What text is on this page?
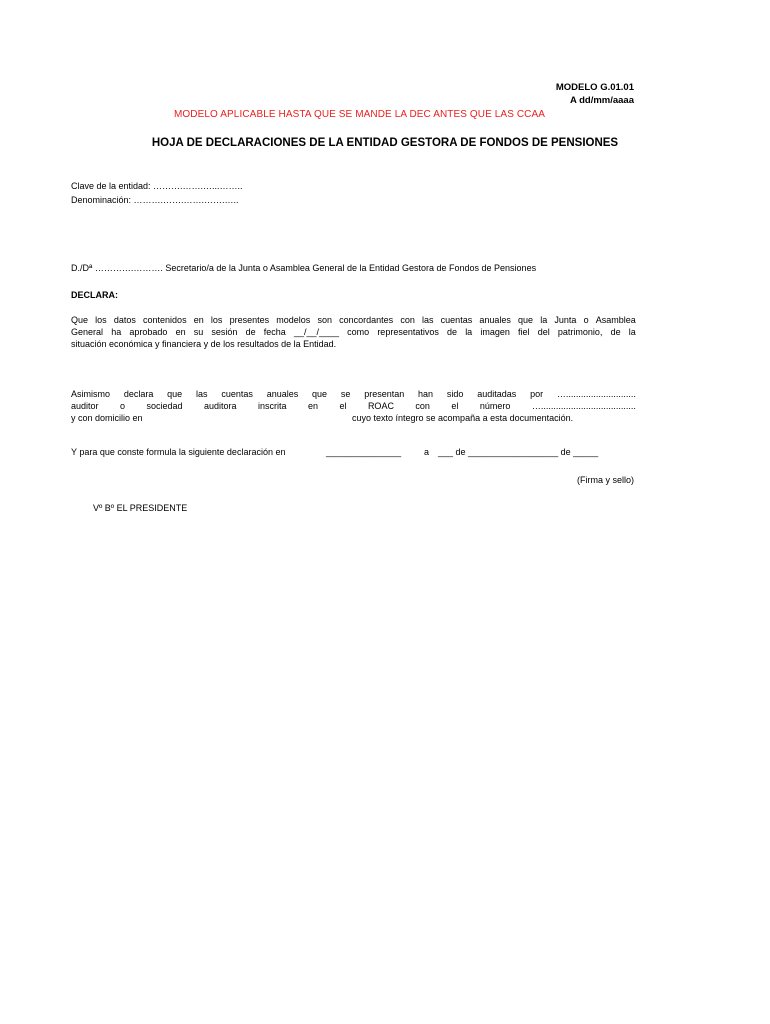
MODELO G.01.01
A dd/mm/aaaa
MODELO APLICABLE HASTA QUE SE MANDE LA DEC ANTES QUE LAS CCAA
HOJA DE DECLARACIONES DE LA ENTIDAD GESTORA DE FONDOS DE PENSIONES
Clave de la entidad: ……….…….…...……..
Denominación: ……….…….…….…….…..
D./Dª ………….………. Secretario/a de la Junta o Asamblea General de la Entidad Gestora de Fondos de Pensiones
DECLARA:
Que los datos contenidos en los presentes modelos son concordantes con las cuentas anuales que la Junta o Asamblea
General ha aprobado en su sesión de fecha __/__/____ como representativos de la imagen fiel del patrimonio, de la
situación económica y financiera y de los resultados de la Entidad.
Asimismo declara que las cuentas anuales que se presentan han sido auditadas por …............................
auditor o sociedad auditora inscrita en el ROAC con el número …......................................
y con domicilio en	cuyo texto íntegro se acompaña a esta documentación.
Y para que conste formula la siguiente declaración en	_______________	a ___ de __________________ de _____
(Firma y sello)
Vº Bº EL PRESIDENTE
